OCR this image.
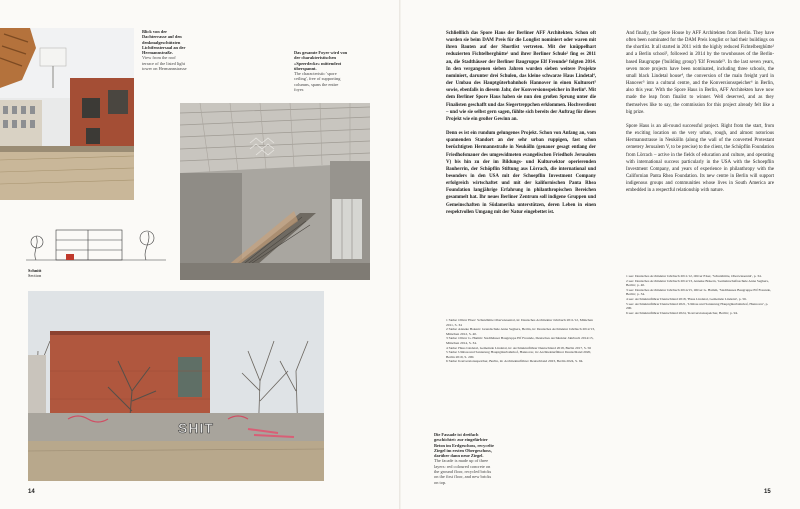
Blick von der Dachterrasse auf den denkmalgeschützten Lichtfenstersaal an der Hermannstraße.
View from the roof terrace of the listed light tower on Hermannstrasse
Das gesamte Foyer wird von der charakteristischen »Speerdecke« mittendrot überspannt.
The characteristic 'spore ceiling', free of supporting columns, spans the entire foyer.
Schnitt
Section
SHIT	Die Fassade ist dreifach geschichtet: zur eingefärbter Beton im Erdgeschoss, recycelte Ziegel im ersten Obergeschoss, darüber dann neue Ziegel.
The facade is made up of three layers: red coloured concrete on the ground floor, recycled bricks on the first floor, and new bricks on top.

Schließlich das Spore Haus der Berliner AFF Architekten. Schon oft wurden sie beim DAM Preis für die Longlist nominiert oder waren mit ihren Bauten auf der Shortlist vertreten. Mit der knüppelhart reduzierten Fichtelberghütte¹ und ihrer Berliner Schule² fing es 2011 an, die Stadthäuser der Berliner Baugruppe Elf Freunde³ folgten 2014. In den vergangenen sieben Jahren wurden sieben weitere Projekte nominiert, darunter drei Schulen, das kleine schwarze Haus Lindetal⁴, der Umbau des Hauptgüterbahnhofs Hannover in einen Kulturort⁵ sowie, ebenfalls in diesem Jahr, der Konversionsspeicher in Berlin⁶. Mit dem Berliner Spore Haus haben sie nun den großen Sprung unter die Finalisten geschafft und das Siegertreppchen erklommen. Hochverdient – und wie sie selbst gern sagen, fühlte sich bereits der Auftrag für dieses Projekt wie ein großer Gewinn an.

Denn es ist ein rundum gelungenes Projekt. Schon von Anfang an, vom spannenden Standort an der sehr urban ruppigen, fast schon berüchtigten Hermannstraße in Neukölln (genauer gesagt entlang der Friedhofsmauer des umgewidmeten evangelischen Friedhofs Jerusalem V) bis hin zu der im Bildungs- und Kultursektor operierenden Bauherrin, der Schöpflin Stiftung aus Lörrach, die international und besonders in den USA mit der Schoepflin Investment Company erfolgreich wirtschaftet und mit der kalifornischen Panta Rhea Foundation langjährige Erfahrung in philanthropischen Bereichen gesammelt hat. Ihr neues Berliner Zentrum soll indigene Gruppen und Gemeinschaften in Südamerika unterstützen, deren Leben in einen respektvollen Umgang mit der Natur eingebettet ist.

1 Siehe: Oliver Elser: Schutzhütte Oberwiesental, in: Deutsches Architektur Jahrbuch 2011/12, München 2011, S. 34
2 Siehe: Anneke Bokern: Grundschule Anna Seghers, Berlin, in: Deutsches Architektur Jahrbuch 2012/13, München 2012, S. 40.
3 Siehe: Oliver G. Hamm: Stadthäuser Baugruppe Elf Freunde, Deutsches Architektur Jahrbuch 2014/15, München 2014, S. 34.
4 Siehe: Haus Lindetal, Gemeinde Lindetal, in: Architekturführer Deutschland 2018, Berlin 2017, S. 56
5 Siehe: Umbau und Sanierung Hauptgüterbahnhof, Hannover, in: Architekturführer Deutschland 2020, Berlin 2019, S. 200.
6 Siehe: Konversionsspeicher, Berlin, in: Architekturführer Deutschland 2023, Berlin 2024, S. 94.

And finally, the Spore House by AFF Architekten from Berlin. They have often been nominated for the DAM Preis longlist or had their buildings on the shortlist. It all started in 2011 with the highly reduced Fichtelberghütte¹ and a Berlin school², followed in 2014 by the townhouses of the Berlin-based Baugruppe ('building group') 'Elf Freunde'³. In the last seven years, seven more projects have been nominated, including three schools, the small black Lindetal house⁴, the conversion of the main freight yard in Hanover⁵ into a cultural centre, and the Konversionsspeicher⁶ in Berlin, also this year. With the Spore Haus in Berlin, AFF Architekten have now made the leap from finalist to winner. Well deserved, and as they themselves like to say, the commission for this project already felt like a big prize.

Spore Haus is an all-round successful project. Right from the start, from the exciting location on the very urban, rough, and almost notorious Hermannstrasse in Neukölln (along the wall of the converted Protestant cemetery Jerusalem V, to be precise) to the client, the Schöpflin Foundation from Lörrach – active in the fields of education and culture, and operating with international success particularly in the USA with the Schoepflin Investment Company, and years of experience in philanthropy with the Californian Panta Rhea Foundation. Its new centre in Berlin will support indigenous groups and communities whose lives in South America are embedded in a respectful relationship with nature.

1 see: Deutsches Architektur Jahrbuch 2011/12, Oliver Elser, 'Schutzhütte, Oberwiesental', p. 34.
2 see: Deutsches Architektur Jahrbuch 2012/13, Anneke Bokern, 'Gemeinschaftsschule Anna Seghers, Berlin', p. 40.
3 see: Deutsches Architektur Jahrbuch 2014/15, Oliver G. Hamm, 'Stadthauses Baugruppe Elf Freunde, Berlin', p. 34.
4 see: Architekturführer Deutschland 2018, 'Haus Lindetal, Gemeinde Lindetal', p. 56.
5 see: Architekturführer Deutschland 2021, 'Umbau und Sanierung Hauptgüterbahnhof, Hannover', p. 200.
6 see: Architekturführer Deutschland 2024, 'Konversionsspeicher, Berlin', p. 94.
14	15
